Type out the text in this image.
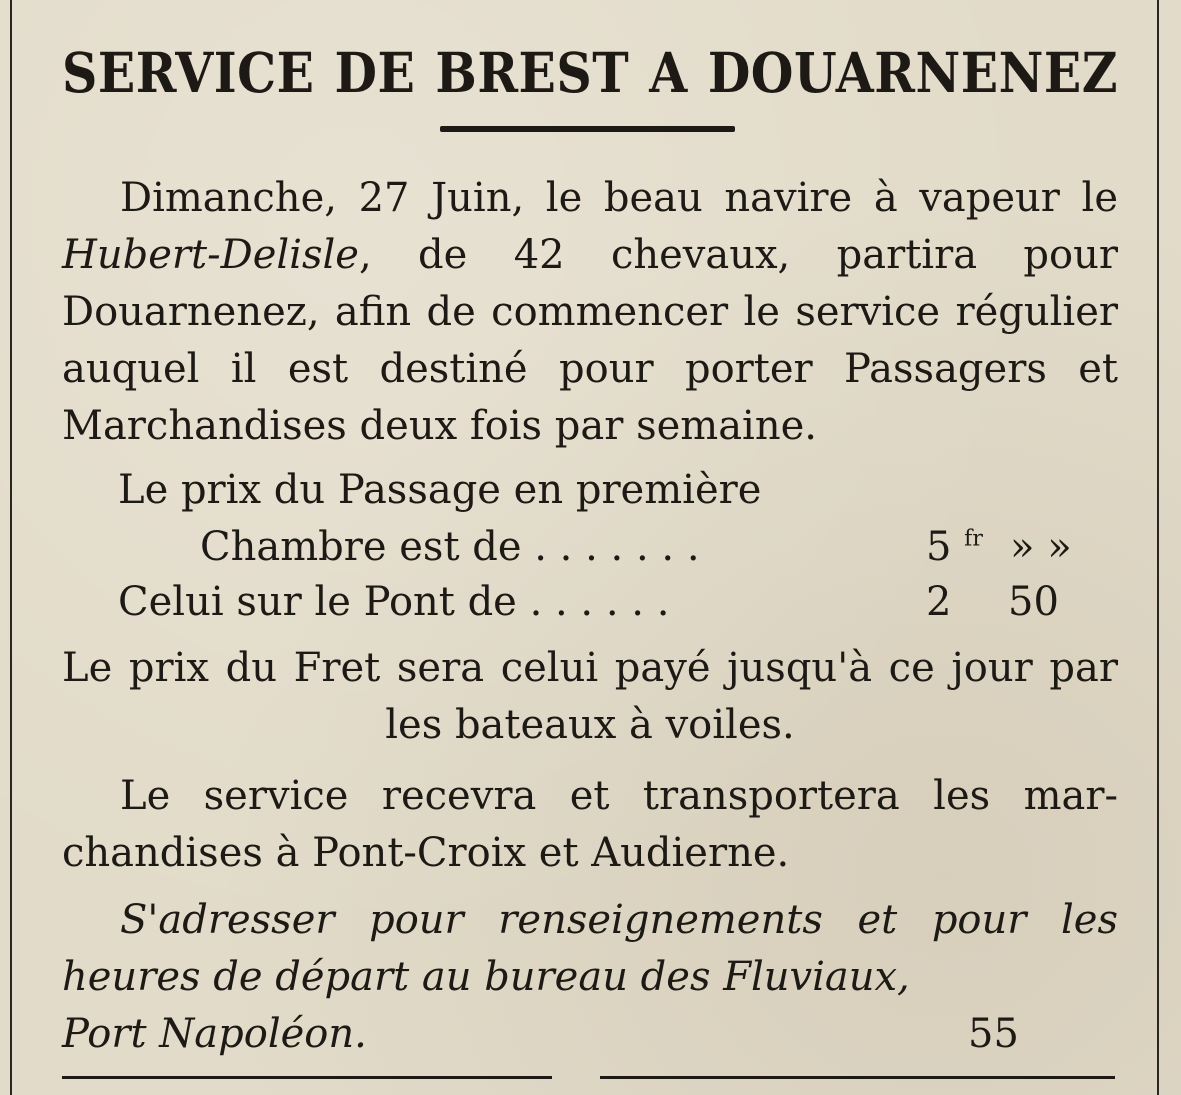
SERVICE DE BREST A DOUARNENEZ

Dimanche, 27 Juin, le beau navire à vapeur le Hubert-Delisle, de 42 chevaux, partira pour Douarnenez, afin de commencer le service régulier auquel il est destiné pour porter Passagers et Marchandises deux fois par semaine.

Le prix du Passage en première

Chambre est de . . . . . . .	5 $^{fr}$ » »
Celui sur le Pont de . . . . . .	2 50

Le prix du Fret sera celui payé jusqu'à ce jour par les bateaux à voiles.

Le service recevra et transportera les marchandises à Pont-Croix et Audierne.

S'adresser pour renseignements et pour les heures de départ au bureau des Fluviaux,

Port Napoléon.	55
